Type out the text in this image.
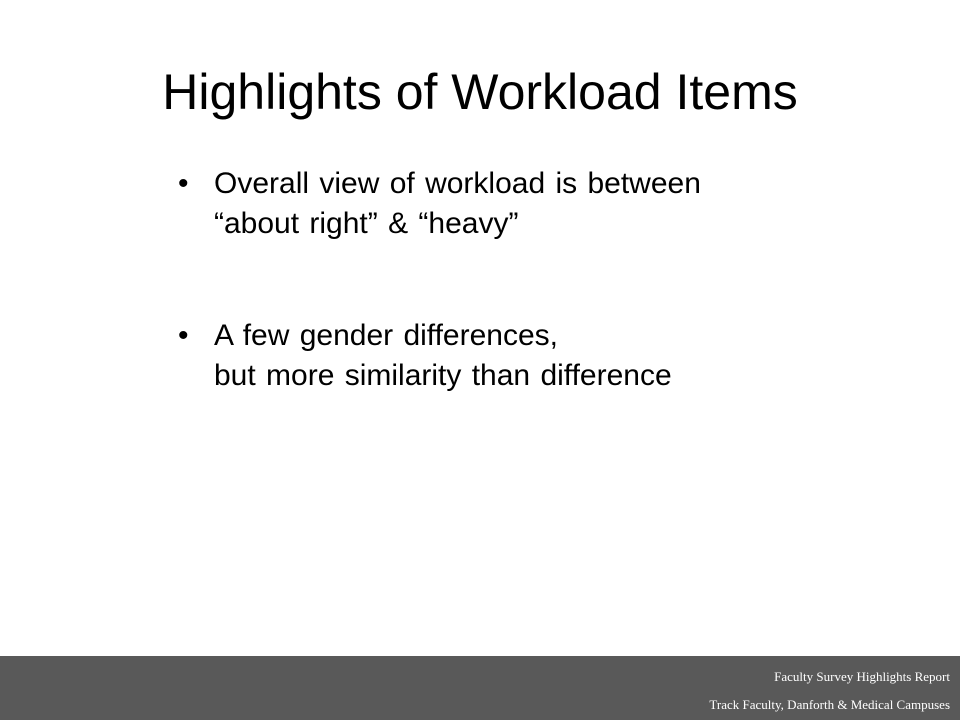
Highlights of Workload Items
• Overall view of workload is between
“about right” & “heavy”
• A few gender differences,
but more similarity than difference
Faculty Survey Highlights Report
Track Faculty, Danforth & Medical Campuses
